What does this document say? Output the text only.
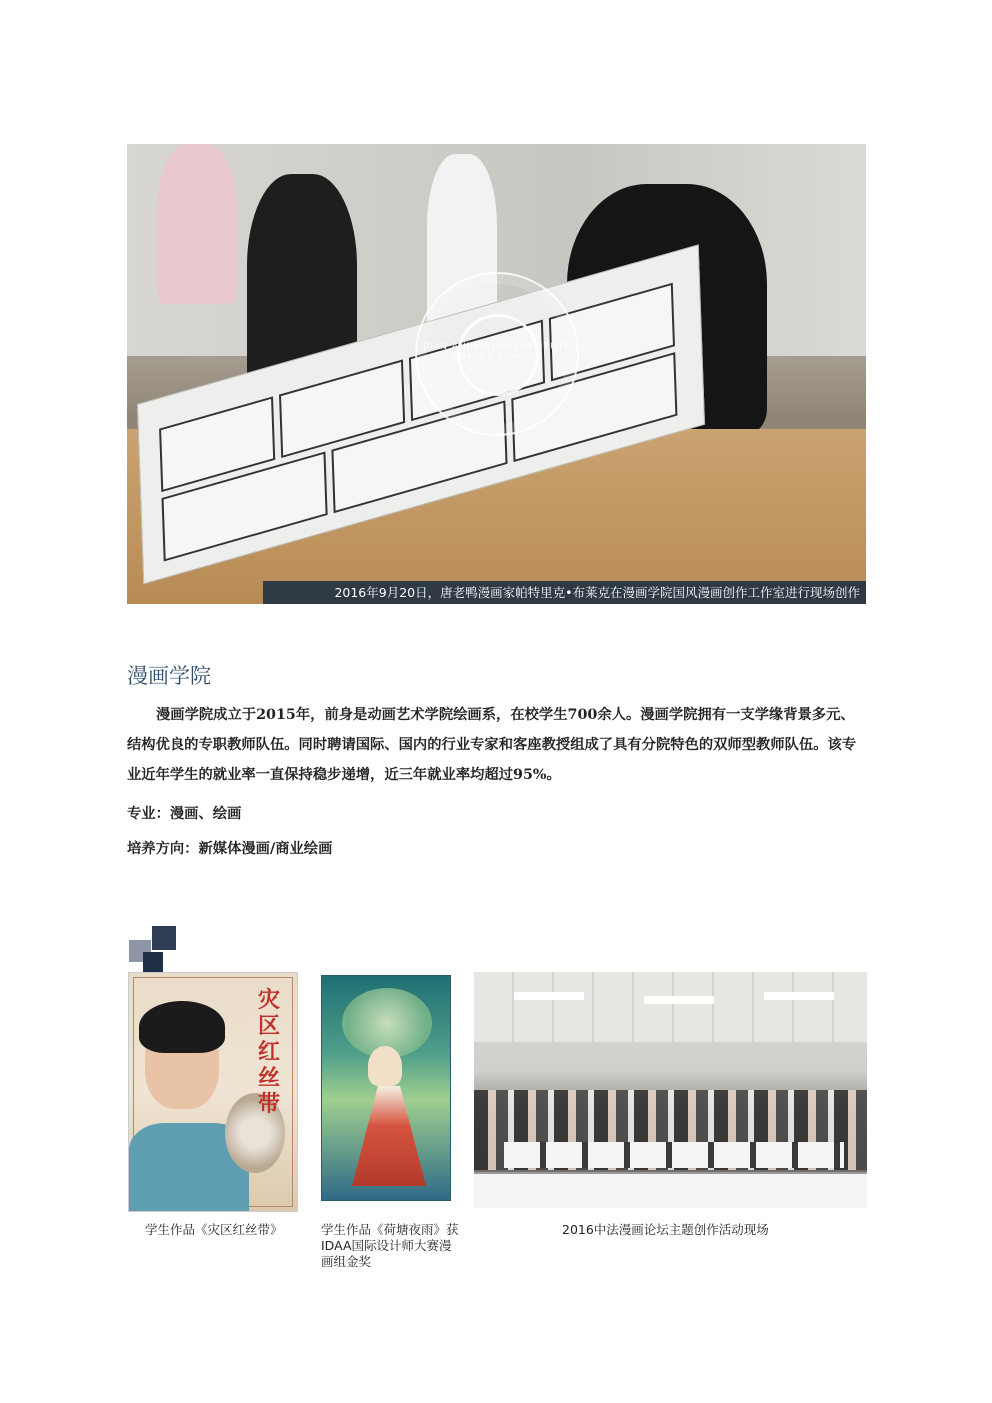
JILIN ANIMATION INSTITUTE COMICS SCHOOL
2016年9月20日，唐老鸭漫画家帕特里克•布莱克在漫画学院国风漫画创作工作室进行现场创作
漫画学院
漫画学院成立于2015年，前身是动画艺术学院绘画系，在校学生700余人。漫画学院拥有一支学缘背景多元、结构优良的专职教师队伍。同时聘请国际、国内的行业专家和客座教授组成了具有分院特色的双师型教师队伍。该专业近年学生的就业率一直保持稳步递增，近三年就业率均超过95%。
专业：漫画、绘画
培养方向：新媒体漫画/商业绘画
灾区红丝带
学生作品《灾区红丝带》	学生作品《荷塘夜雨》获IDAA国际设计师大赛漫画组金奖
2016中法漫画论坛主题创作活动现场
